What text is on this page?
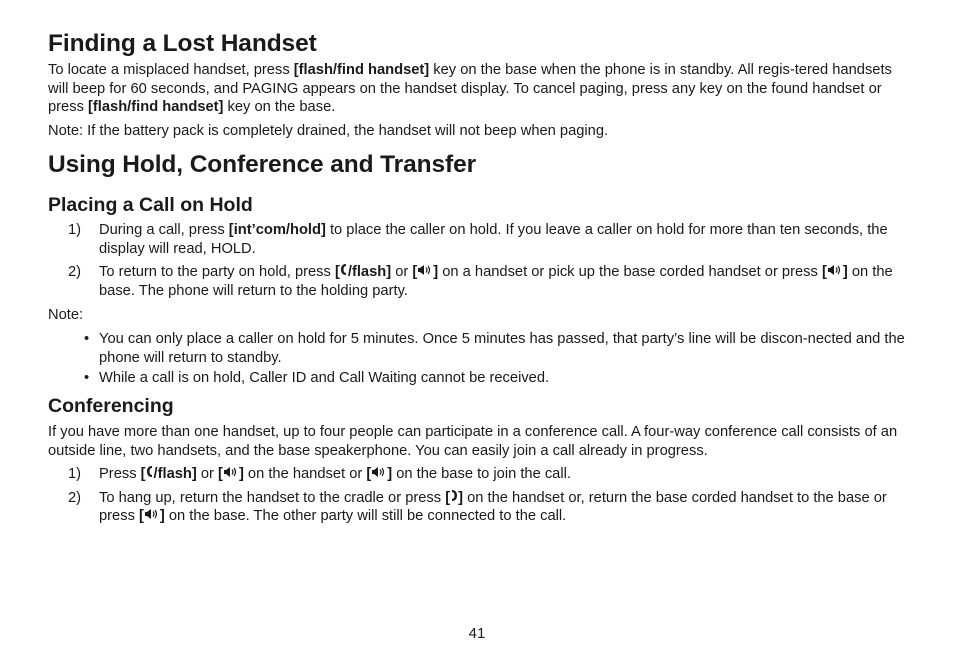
Finding a Lost Handset

To locate a misplaced handset, press [flash/find handset] key on the base when the phone is in standby. All regis-tered handsets will beep for 60 seconds, and PAGING appears on the handset display. To cancel paging, press any key on the found handset or press [flash/find handset] key on the base.

Note: If the battery pack is completely drained, the handset will not beep when paging.

Using Hold, Conference and Transfer
Placing a Call on Hold
1) During a call, press [int’com/hold] to place the caller on hold. If you leave a caller on hold for more than ten seconds, the display will read, HOLD.
2) To return to the party on hold, press [ /flash] or [ ] on a handset or pick up the base corded handset or press [ ] on the base. The phone will return to the holding party.

Note:

• You can only place a caller on hold for 5 minutes. Once 5 minutes has passed, that party’s line will be discon-nected and the phone will return to standby.
• While a call is on hold, Caller ID and Call Waiting cannot be received.
Conferencing

If you have more than one handset, up to four people can participate in a conference call. A four-way conference call consists of an outside line, two handsets, and the base speakerphone. You can easily join a call already in progress.

1) Press [ /flash] or [ ] on the handset or [ ] on the base to join the call.
2) To hang up, return the handset to the cradle or press [ ] on the handset or, return the base corded handset to the base or press [ ] on the base. The other party will still be connected to the call.
41
